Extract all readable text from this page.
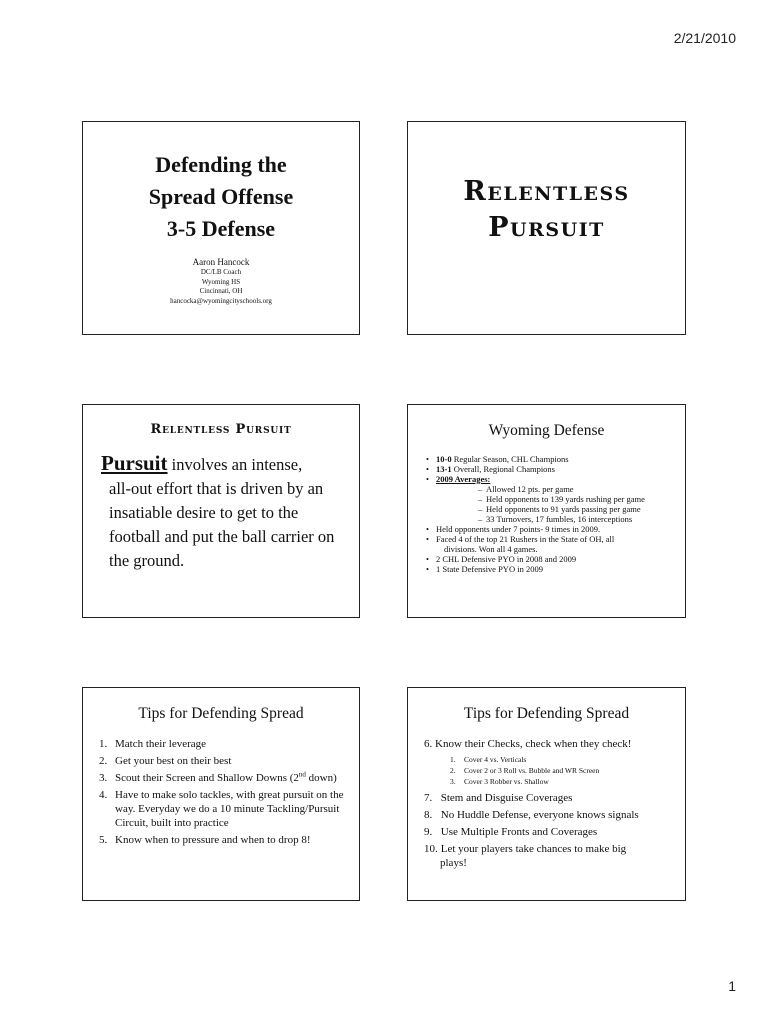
2/21/2010
Defending the
Spread Offense
3-5 Defense
Aaron Hancock
DC/LB Coach
Wyoming HS
Cincinnati, OH
hancocka@wyomingcityschools.org
Relentless
Pursuit
Relentless Pursuit
Pursuit involves an intense,
all-out effort that is driven by an insatiable desire to get to the football and put the ball carrier on the ground.
Wyoming Defense
• 10-0 Regular Season, CHL Champions
• 13-1 Overall, Regional Champions
• 2009 Averages:
– Allowed 12 pts. per game
– Held opponents to 139 yards rushing per game
– Held opponents to 91 yards passing per game
– 33 Turnovers, 17 fumbles, 16 interceptions
• Held opponents under 7 points- 9 times in 2009.
• Faced 4 of the top 21 Rushers in the State of OH, all
divisions. Won all 4 games.
• 2 CHL Defensive PYO in 2008 and 2009
• 1 State Defensive PYO in 2009
Tips for Defending Spread
1. Match their leverage
2. Get your best on their best
3. Scout their Screen and Shallow Downs (2nd down)
4. Have to make solo tackles, with great pursuit on the way. Everyday we do a 10 minute Tackling/Pursuit Circuit, built into practice
5. Know when to pressure and when to drop 8!
Tips for Defending Spread
6. Know their Checks, check when they check!
1. Cover 4 vs. Verticals
2. Cover 2 or 3 Roll vs. Bubble and WR Screen
3. Cover 3 Robber vs. Shallow
7. Stem and Disguise Coverages
8. No Huddle Defense, everyone knows signals
9. Use Multiple Fronts and Coverages
10. Let your players take chances to make big
plays!
1
